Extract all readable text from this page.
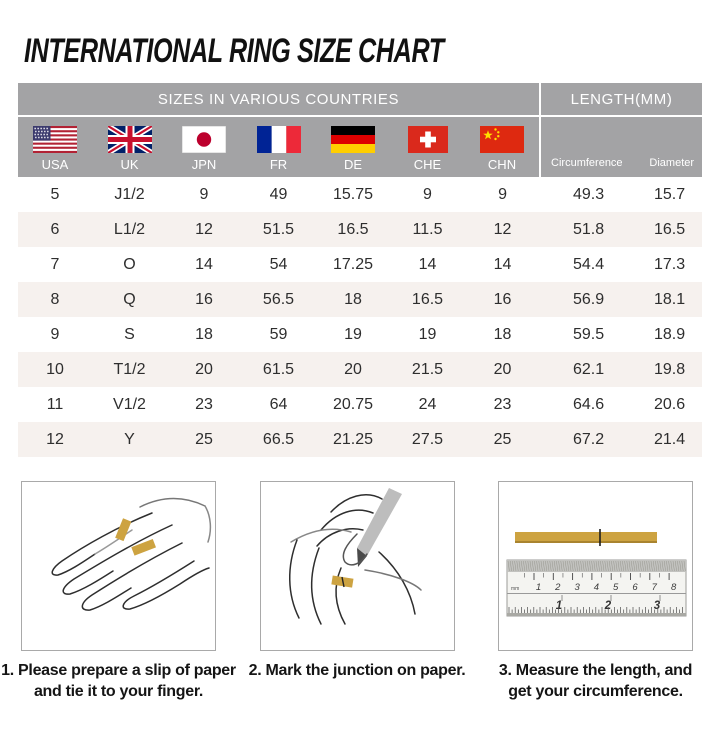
INTERNATIONAL RING SIZE CHART
SIZES IN VARIOUS COUNTRIES							LENGTH(MM)	

USA	UK	JPN	FR	DE	CHE	CHN	Circumference Diameter	

5	J1/2	9	49	15.75	9	9	49.3	15.7
6	L1/2	12	51.5	16.5	11.5	12	51.8	16.5
7	O	14	54	17.25	14	14	54.4	17.3
8	Q	16	56.5	18	16.5	16	56.9	18.1
9	S	18	59	19	19	18	59.5	18.9
10	T1/2	20	61.5	20	21.5	20	62.1	19.8
11	V1/2	23	64	20.75	24	23	64.6	20.6
12	Y	25	66.5	21.25	27.5	25	67.2	21.4
1. Please prepare a slip of paper
and tie it to your finger.
2. Mark the junction on paper.
1 2 3 4 5 6 7 8
mm
1	2	3
3. Measure the length, and
get your circumference.
